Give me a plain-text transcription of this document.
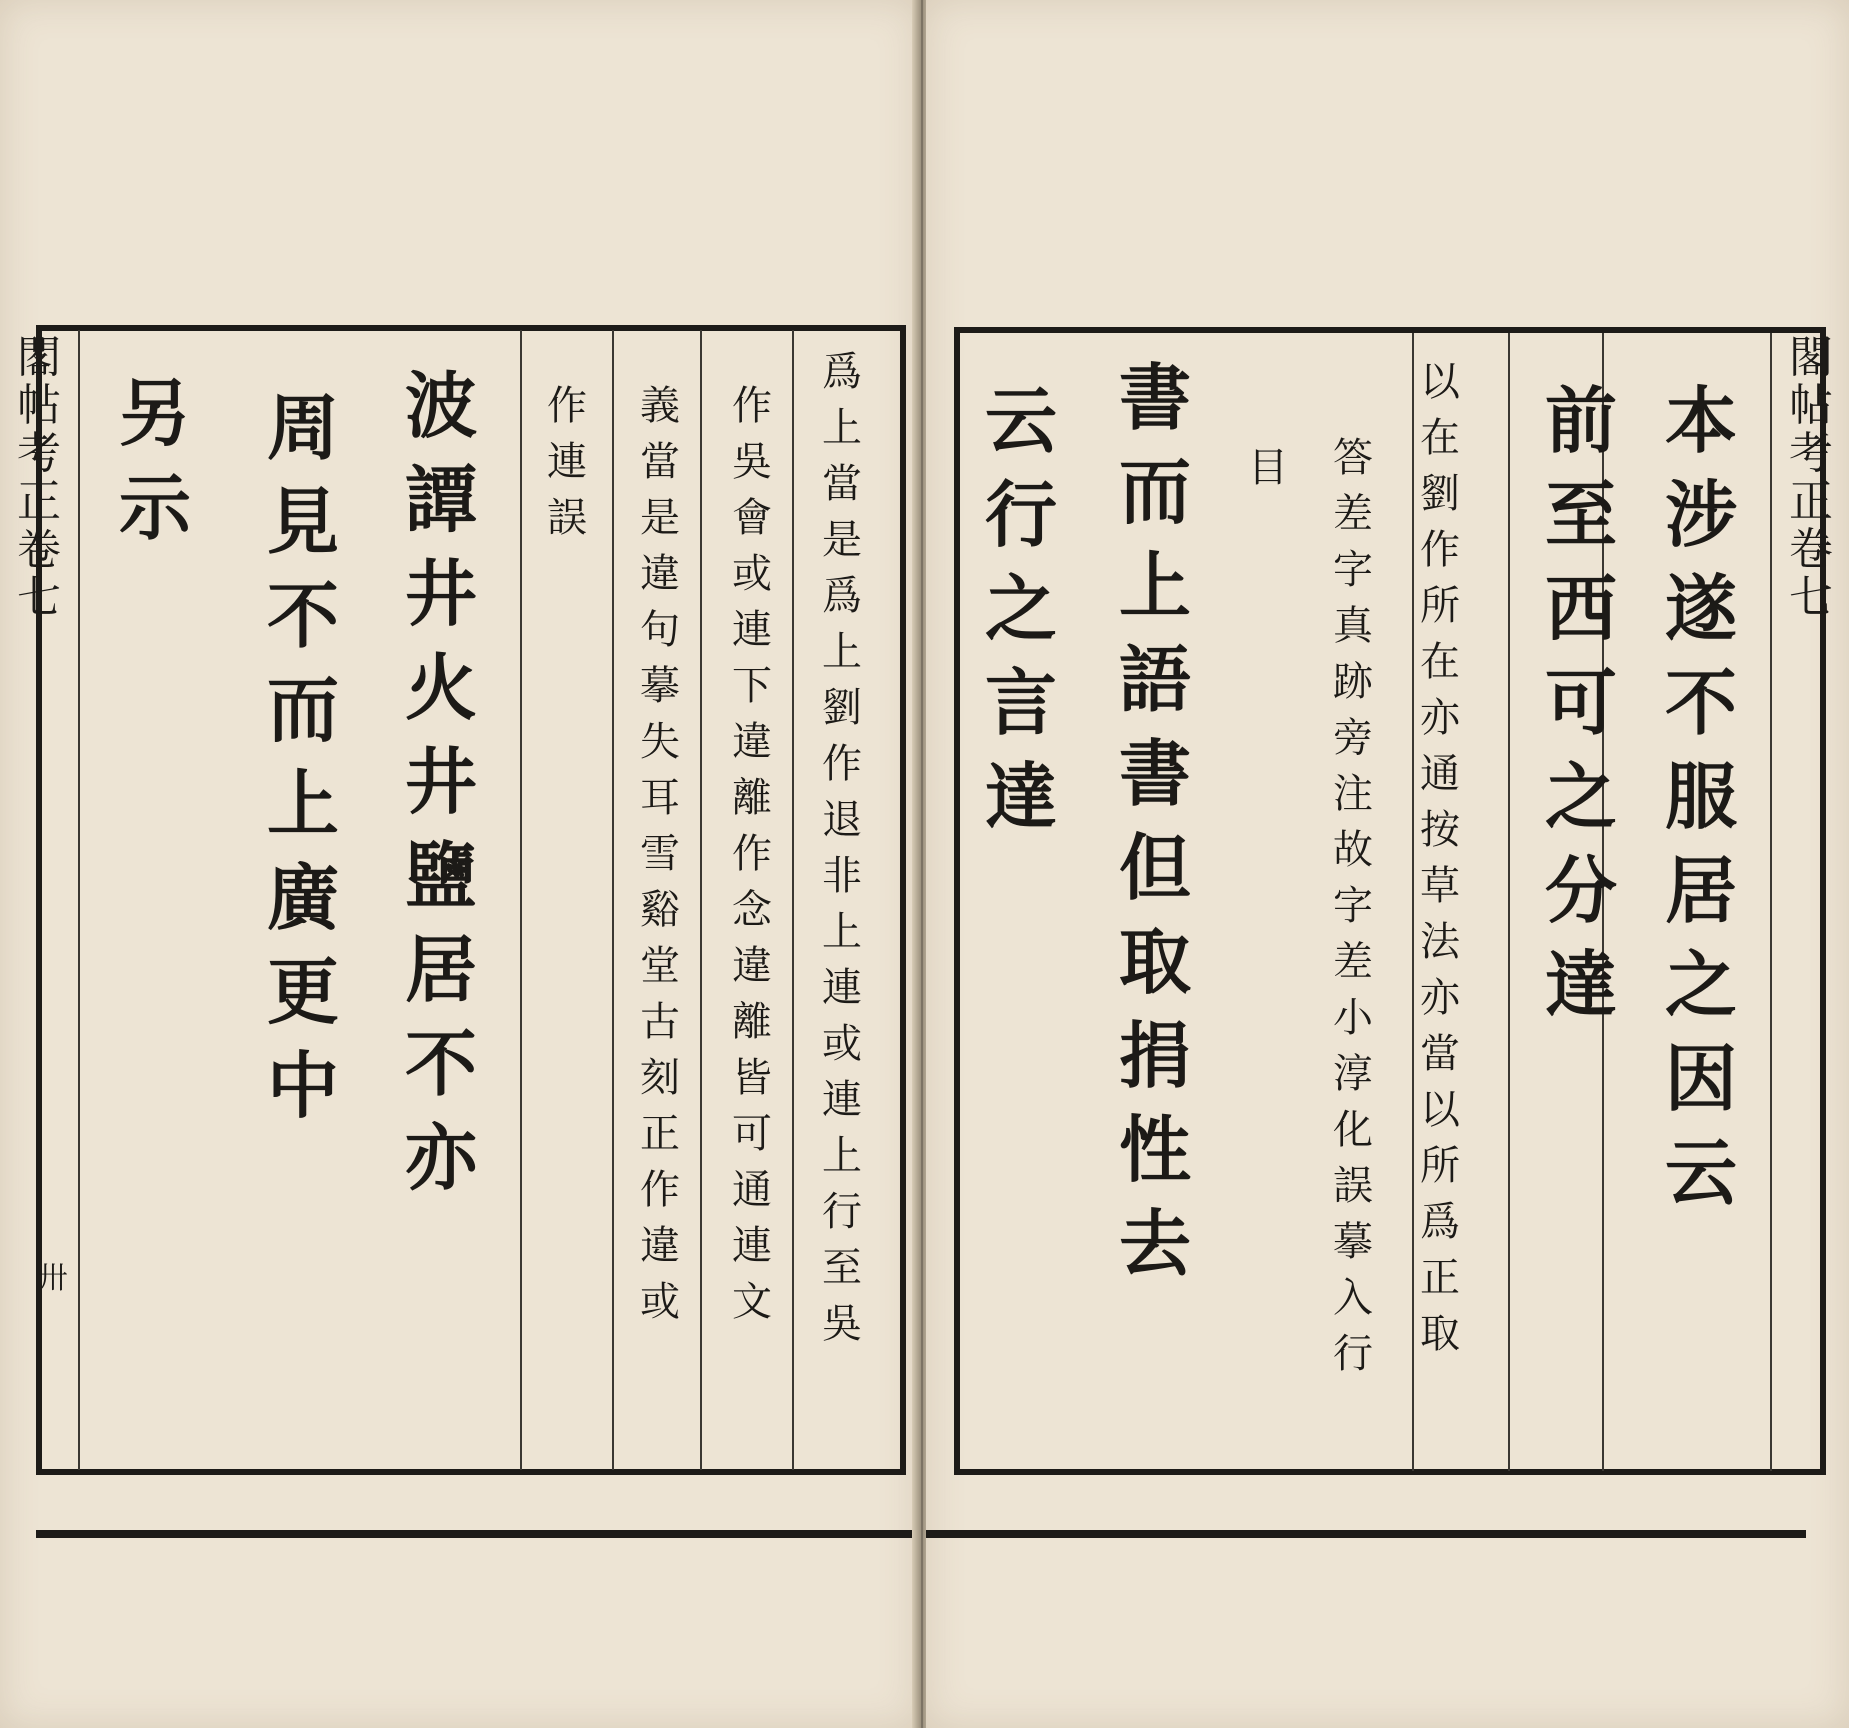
閣
帖
考
正
卷
七
卅
爲
上
當
是
爲
上
劉
作
退
非
上
連
或
連
上
行
至
吳
作
吳
會
或
連
下
違
離
作
念
違
離
皆
可
通
連
文
義
當
是
違
句
摹
失
耳
雪
谿
堂
古
刻
正
作
違
或
作
連
誤
波
譚
井
火
井
鹽
居
不
亦
周
見
不
而
上
廣
更
中
另
示
閣
帖
考
正
卷
七
本
涉
遂
不
服
居
之
因
云
前
至
西
可
之
分
達
以
在
劉
作
所
在
亦
通
按
草
法
亦
當
以
所
爲
正
取
答
差
字
真
跡
旁
注
故
字
差
小
淳
化
誤
摹
入
行
目
書
而
上
語
書
但
取
捐
性
去
云
行
之
言
達
